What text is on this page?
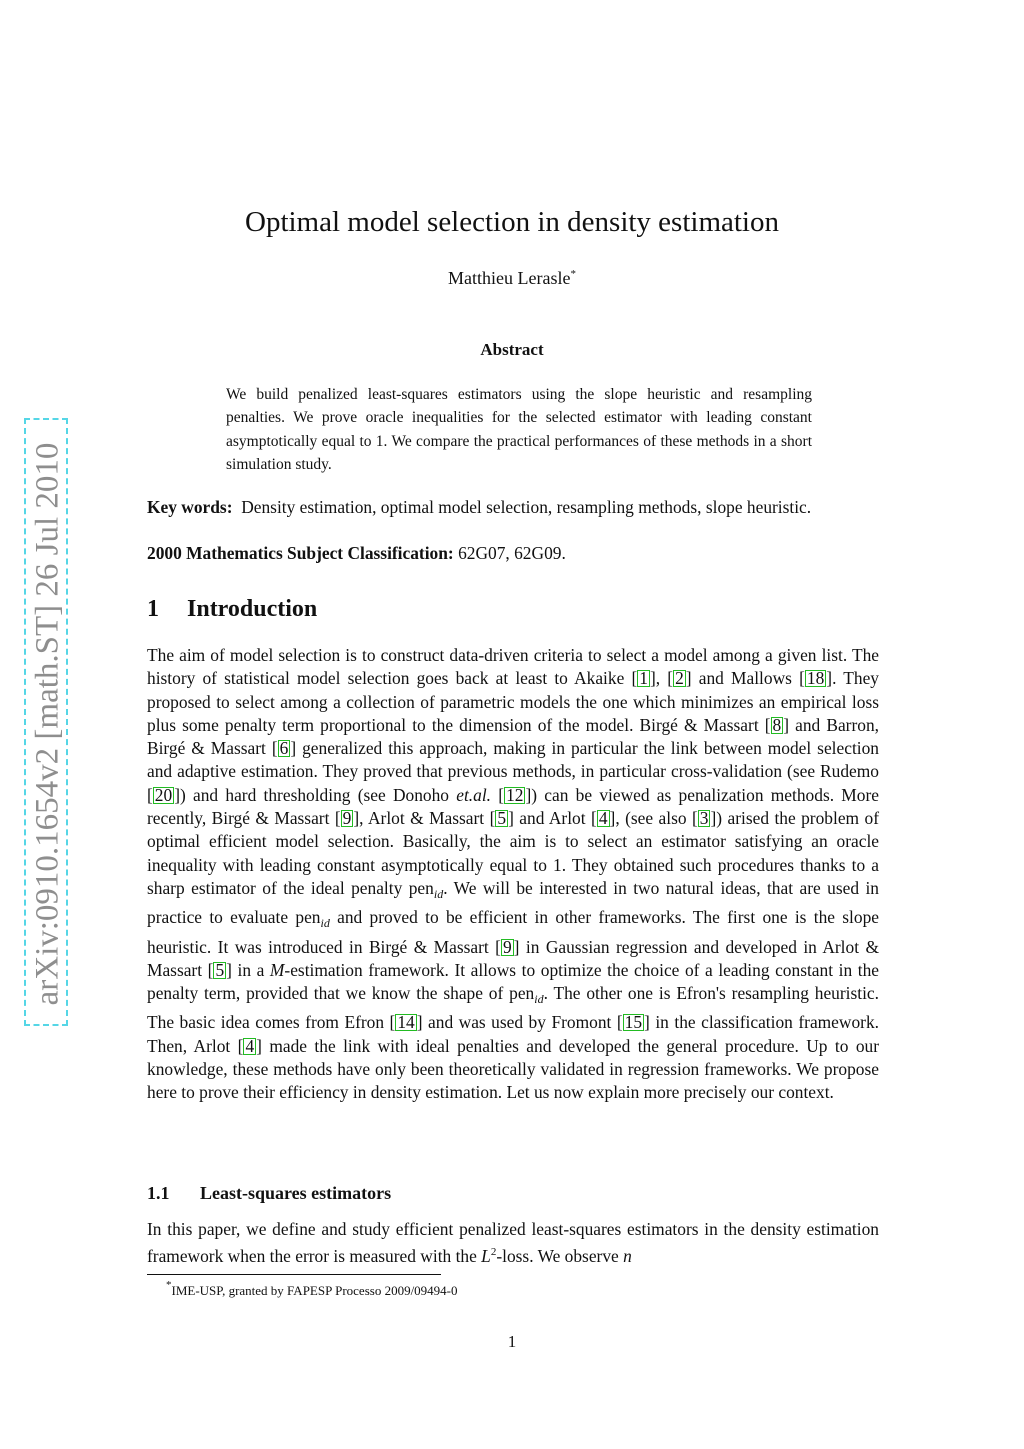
arXiv:0910.1654v2 [math.ST] 26 Jul 2010
Optimal model selection in density estimation
Matthieu Lerasle*
Abstract

We build penalized least-squares estimators using the slope heuristic and resampling penalties. We prove oracle inequalities for the selected estimator with leading constant asymptotically equal to 1. We compare the practical performances of these methods in a short simulation study.

Key words: Density estimation, optimal model selection, resampling methods, slope heuristic.

2000 Mathematics Subject Classification: 62G07, 62G09.

1 Introduction

The aim of model selection is to construct data-driven criteria to select a model among a given list. The history of statistical model selection goes back at least to Akaike [ 1 ], [ 2 ] and Mallows [ 18 ]. They proposed to select among a collection of parametric models the one which minimizes an empirical loss plus some penalty term proportional to the dimension of the model. Birgé & Massart [ 8 ] and Barron, Birgé & Massart [ 6 ] generalized this approach, making in particular the link between model selection and adaptive estimation. They proved that previous methods, in particular cross-validation (see Rudemo [ 20 ]) and hard thresholding (see Donoho et.al. [ 12 ]) can be viewed as penalization methods. More recently, Birgé & Massart [ 9 ], Arlot & Massart [ 5 ] and Arlot [ 4 ], (see also [ 3 ]) arised the problem of optimal efficient model selection. Basically, the aim is to select an estimator satisfying an oracle inequality with leading constant asymptotically equal to 1. They obtained such procedures thanks to a sharp estimator of the ideal penalty pen$_{id}$. We will be interested in two natural ideas, that are used in practice to evaluate pen$_{id}$ and proved to be efficient in other frameworks. The first one is the slope heuristic. It was introduced in Birgé & Massart [ 9 ] in Gaussian regression and developed in Arlot & Massart [ 5 ] in a M-estimation framework. It allows to optimize the choice of a leading constant in the penalty term, provided that we know the shape of pen$_{id}$. The other one is Efron's resampling heuristic. The basic idea comes from Efron [ 14 ] and was used by Fromont [ 15 ] in the classification framework. Then, Arlot [ 4 ] made the link with ideal penalties and developed the general procedure. Up to our knowledge, these methods have only been theoretically validated in regression frameworks. We propose here to prove their efficiency in density estimation. Let us now explain more precisely our context.

1.1 Least-squares estimators

In this paper, we define and study efficient penalized least-squares estimators in the density estimation framework when the error is measured with the $L^2$-loss. We observe n

*IME-USP, granted by FAPESP Processo 2009/09494-0
1
